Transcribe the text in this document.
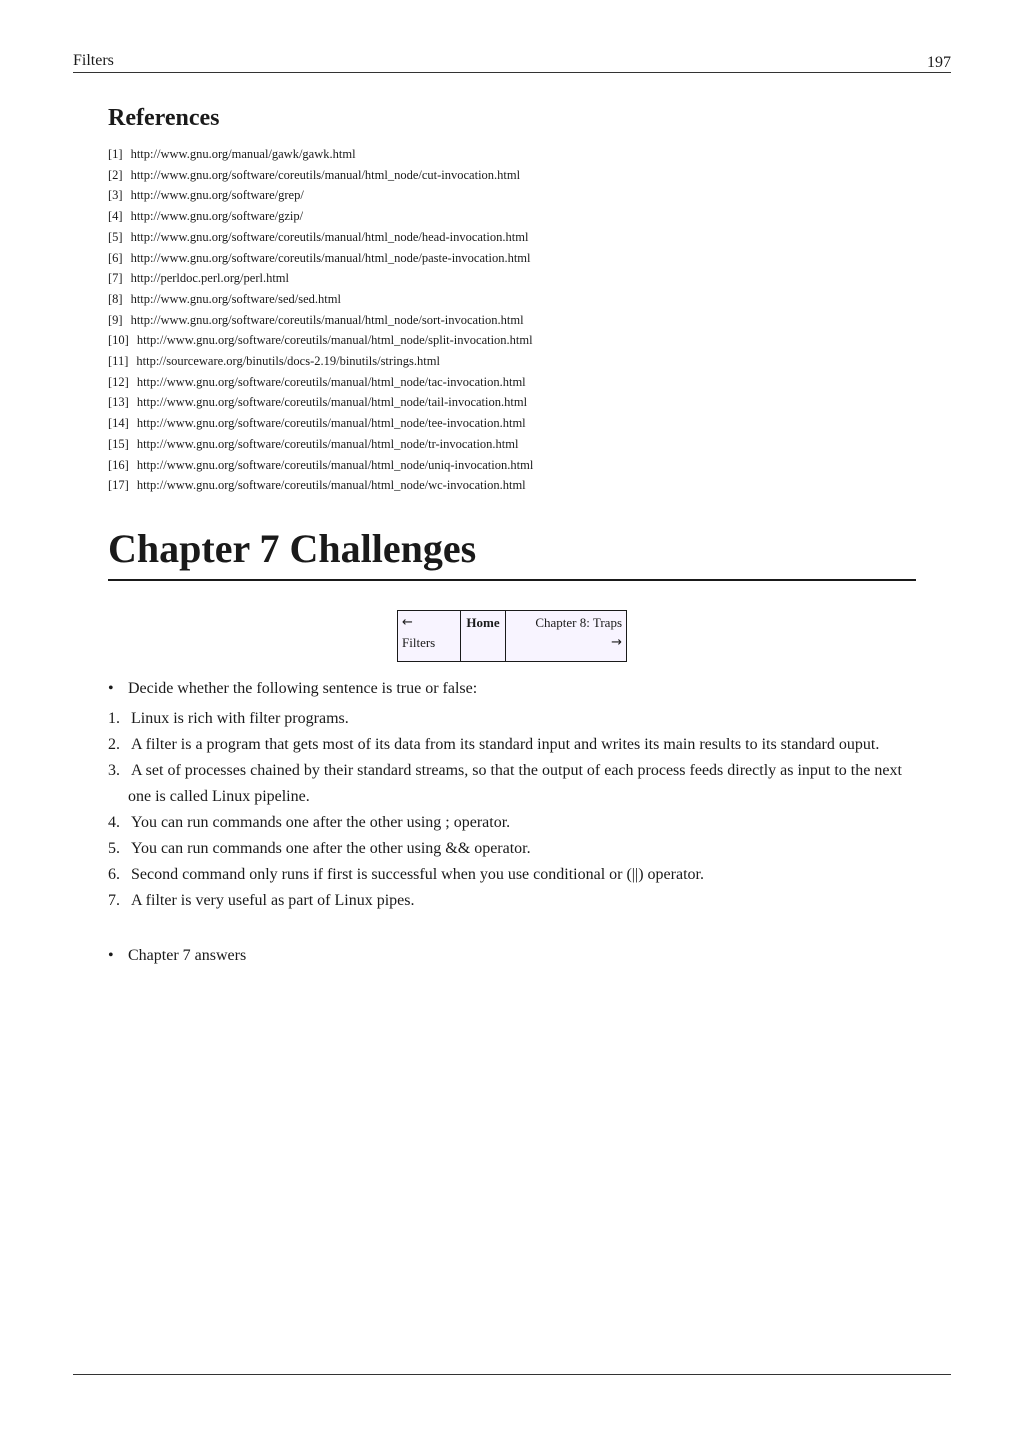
Filters	197
References
[1] http://www.gnu.org/manual/gawk/gawk.html
[2] http://www.gnu.org/software/coreutils/manual/html_node/cut-invocation.html
[3] http://www.gnu.org/software/grep/
[4] http://www.gnu.org/software/gzip/
[5] http://www.gnu.org/software/coreutils/manual/html_node/head-invocation.html
[6] http://www.gnu.org/software/coreutils/manual/html_node/paste-invocation.html
[7] http://perldoc.perl.org/perl.html
[8] http://www.gnu.org/software/sed/sed.html
[9] http://www.gnu.org/software/coreutils/manual/html_node/sort-invocation.html
[10] http://www.gnu.org/software/coreutils/manual/html_node/split-invocation.html
[11] http://sourceware.org/binutils/docs-2.19/binutils/strings.html
[12] http://www.gnu.org/software/coreutils/manual/html_node/tac-invocation.html
[13] http://www.gnu.org/software/coreutils/manual/html_node/tail-invocation.html
[14] http://www.gnu.org/software/coreutils/manual/html_node/tee-invocation.html
[15] http://www.gnu.org/software/coreutils/manual/html_node/tr-invocation.html
[16] http://www.gnu.org/software/coreutils/manual/html_node/uniq-invocation.html
[17] http://www.gnu.org/software/coreutils/manual/html_node/wc-invocation.html
Chapter 7 Challenges
←
Filters	Home	Chapter 8: Traps
→
• Decide whether the following sentence is true or false:
1. Linux is rich with filter programs.
2. A filter is a program that gets most of its data from its standard input and writes its main results to its standard ouput.
3. A set of processes chained by their standard streams, so that the output of each process feeds directly as input to the next one is called Linux pipeline.
4. You can run commands one after the other using ; operator.
5. You can run commands one after the other using && operator.
6. Second command only runs if first is successful when you use conditional or (||) operator.
7. A filter is very useful as part of Linux pipes.
• Chapter 7 answers
